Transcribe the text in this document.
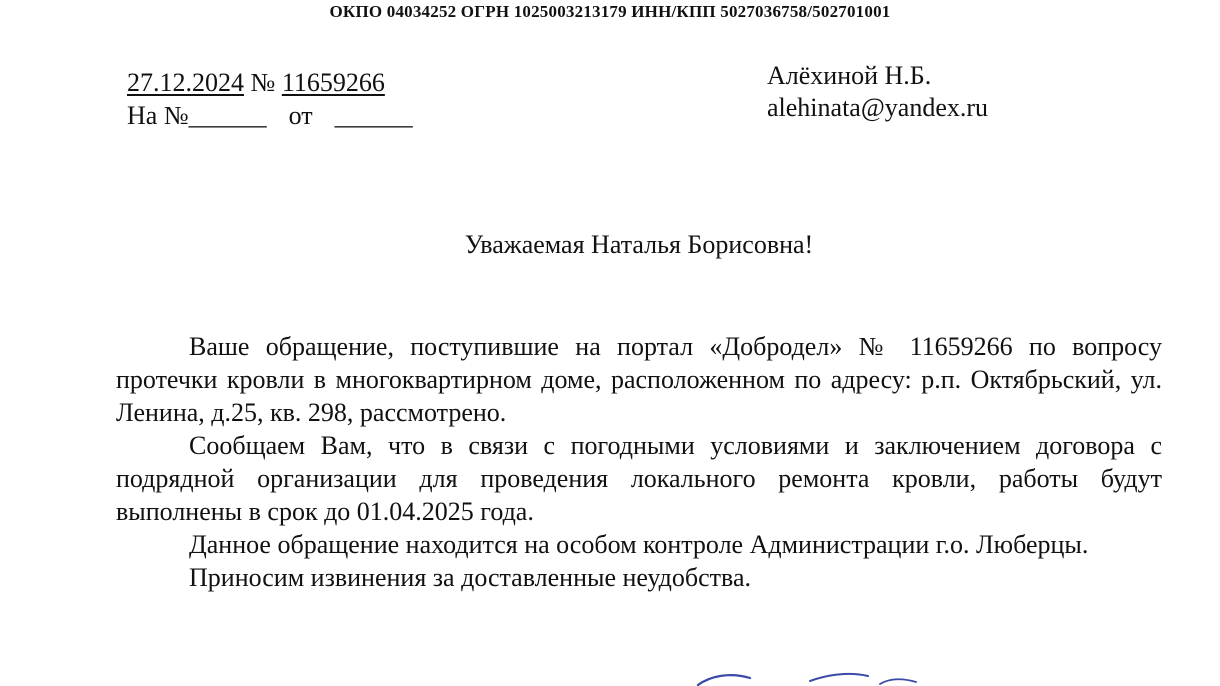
ОКПО 04034252 ОГРН 1025003213179 ИНН/КПП 5027036758/502701001
27.12.2024 № 11659266
На №______ от ______
Алёхиной Н.Б.
alehinata@yandex.ru
Уважаемая Наталья Борисовна!

Ваше обращение, поступившие на портал «Добродел» № 11659266 по вопросу протечки кровли в многоквартирном доме, расположенном по адресу: р.п. Октябрьский, ул. Ленина, д.25, кв. 298, рассмотрено.

Сообщаем Вам, что в связи с погодными условиями и заключением договора с подрядной организации для проведения локального ремонта кровли, работы будут выполнены в срок до 01.04.2025 года.

Данное обращение находится на особом контроле Администрации г.о. Люберцы.

Приносим извинения за доставленные неудобства.
